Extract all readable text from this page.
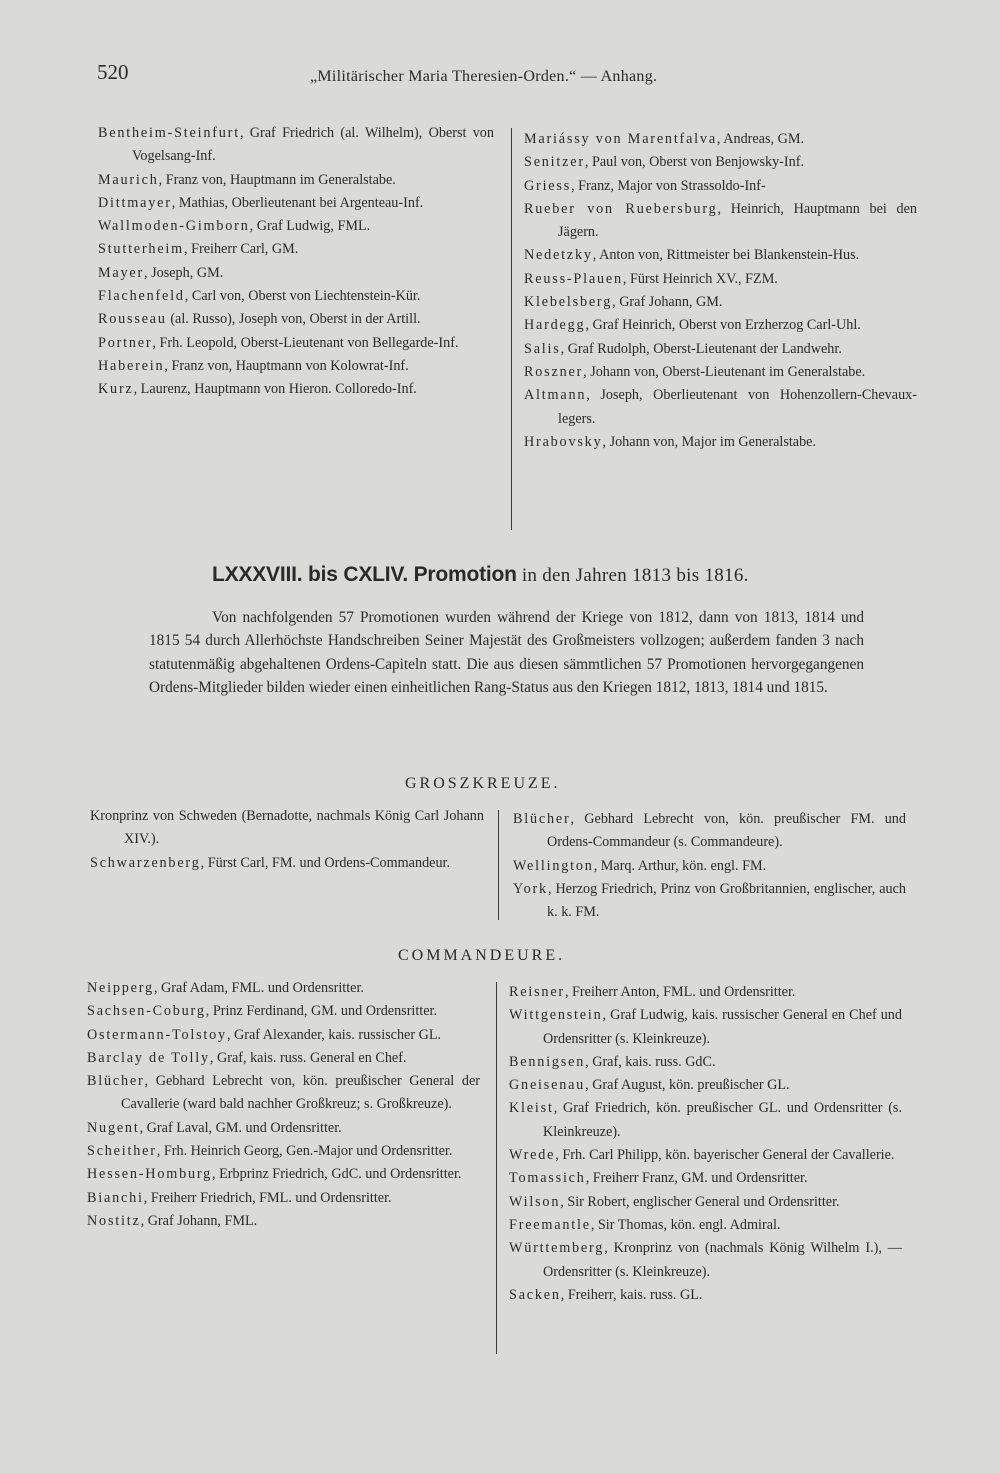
520	„Militärischer Maria Theresien-Orden.“ — Anhang.
Bentheim-Steinfurt, Graf Friedrich (al. Wilhelm), Oberst von Vogelsang-Inf.
Maurich, Franz von, Hauptmann im Generalstabe.
Dittmayer, Mathias, Oberlieutenant bei Argenteau-Inf.
Wallmoden-Gimborn, Graf Ludwig, FML.
Stutterheim, Freiherr Carl, GM.
Mayer, Joseph, GM.
Flachenfeld, Carl von, Oberst von Liechtenstein-Kür.
Rousseau (al. Russo), Joseph von, Oberst in der Artill.
Portner, Frh. Leopold, Oberst-Lieutenant von Bellegarde-Inf.
Haberein, Franz von, Hauptmann von Kolowrat-Inf.
Kurz, Laurenz, Hauptmann von Hieron. Colloredo-Inf.
Mariássy von Marentfalva, Andreas, GM.
Senitzer, Paul von, Oberst von Benjowsky-Inf.
Griess, Franz, Major von Strassoldo-Inf-
Rueber von Ruebersburg, Heinrich, Hauptmann bei den Jägern.
Nedetzky, Anton von, Rittmeister bei Blankenstein-Hus.
Reuss-Plauen, Fürst Heinrich XV., FZM.
Klebelsberg, Graf Johann, GM.
Hardegg, Graf Heinrich, Oberst von Erzherzog Carl-Uhl.
Salis, Graf Rudolph, Oberst-Lieutenant der Landwehr.
Roszner, Johann von, Oberst-Lieutenant im Generalstabe.
Altmann, Joseph, Oberlieutenant von Hohenzollern-Chevaux-legers.
Hrabovsky, Johann von, Major im Generalstabe.
LXXXVIII. bis CXLIV. Promotion in den Jahren 1813 bis 1816.

Von nachfolgenden 57 Promotionen wurden während der Kriege von 1812, dann von 1813, 1814 und 1815 54 durch Allerhöchste Handschreiben Seiner Majestät des Großmeisters vollzogen; außerdem fanden 3 nach statutenmäßig abgehaltenen Ordens-Capiteln statt. Die aus diesen sämmtlichen 57 Promotionen hervorgegangenen Ordens-Mitglieder bilden wieder einen einheitlichen Rang-Status aus den Kriegen 1812, 1813, 1814 und 1815.

GROSZKREUZE.
Kronprinz von Schweden (Bernadotte, nachmals König Carl Johann XIV.).
Schwarzenberg, Fürst Carl, FM. und Ordens-Commandeur.
Blücher, Gebhard Lebrecht von, kön. preußischer FM. und Ordens-Commandeur (s. Commandeure).
Wellington, Marq. Arthur, kön. engl. FM.
York, Herzog Friedrich, Prinz von Großbritannien, englischer, auch k. k. FM.
COMMANDEURE.
Neipperg, Graf Adam, FML. und Ordensritter.
Sachsen-Coburg, Prinz Ferdinand, GM. und Ordensritter.
Ostermann-Tolstoy, Graf Alexander, kais. russischer GL.
Barclay de Tolly, Graf, kais. russ. General en Chef.
Blücher, Gebhard Lebrecht von, kön. preußischer General der Cavallerie (ward bald nachher Großkreuz; s. Großkreuze).
Nugent, Graf Laval, GM. und Ordensritter.
Scheither, Frh. Heinrich Georg, Gen.-Major und Ordensritter.
Hessen-Homburg, Erbprinz Friedrich, GdC. und Ordensritter.
Bianchi, Freiherr Friedrich, FML. und Ordensritter.
Nostitz, Graf Johann, FML.
Reisner, Freiherr Anton, FML. und Ordensritter.
Wittgenstein, Graf Ludwig, kais. russischer General en Chef und Ordensritter (s. Kleinkreuze).
Bennigsen, Graf, kais. russ. GdC.
Gneisenau, Graf August, kön. preußischer GL.
Kleist, Graf Friedrich, kön. preußischer GL. und Ordensritter (s. Kleinkreuze).
Wrede, Frh. Carl Philipp, kön. bayerischer General der Cavallerie.
Tomassich, Freiherr Franz, GM. und Ordensritter.
Wilson, Sir Robert, englischer General und Ordensritter.
Freemantle, Sir Thomas, kön. engl. Admiral.
Württemberg, Kronprinz von (nachmals König Wilhelm I.), — Ordensritter (s. Kleinkreuze).
Sacken, Freiherr, kais. russ. GL.
